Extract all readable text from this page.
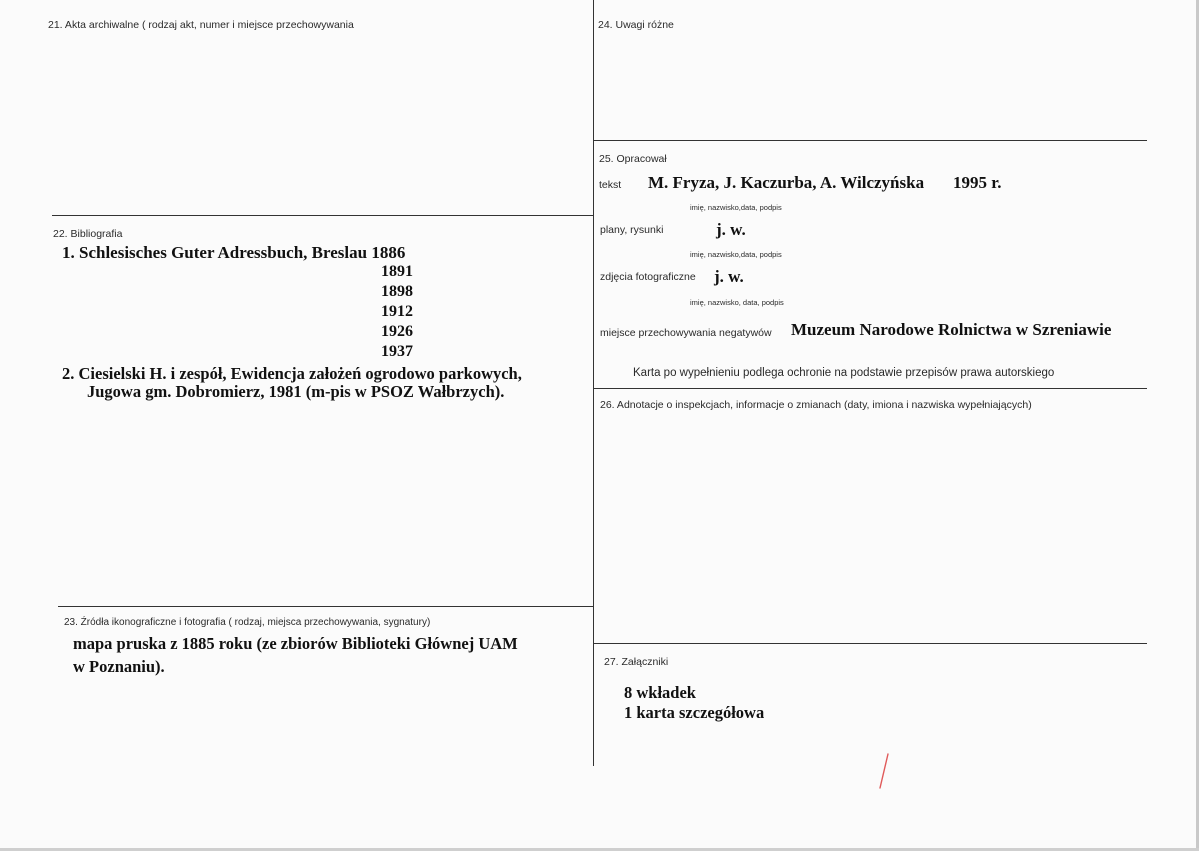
21. Akta archiwalne ( rodzaj akt, numer i miejsce przechowywania
22. Bibliografia
1. Schlesisches Guter Adressbuch, Breslau 1886
1891
1898
1912
1926
1937
2. Ciesielski H. i zespół, Ewidencja założeń ogrodowo parkowych,
Jugowa gm. Dobromierz, 1981 (m-pis w PSOZ Wałbrzych).
23. Źródła ikonograficzne i fotografia ( rodzaj, miejsca przechowywania, sygnatury)
mapa pruska z 1885 roku (ze zbiorów Biblioteki Głównej UAM
w Poznaniu).
24. Uwagi różne
25. Opracował
tekst M. Fryza, J. Kaczurba, A. Wilczyńska 1995 r.
imię, nazwisko,data, podpis
plany, rysunki	j. w.
imię, nazwisko,data, podpis
zdjęcia fotograficzne j. w.
imię, nazwisko, data, podpis
miejsce przechowywania negatywów Muzeum Narodowe Rolnictwa w Szreniawie
Karta po wypełnieniu podlega ochronie na podstawie przepisów prawa autorskiego
26. Adnotacje o inspekcjach, informacje o zmianach (daty, imiona i nazwiska wypełniających)
27. Załączniki
8 wkładek
1 karta szczegółowa
